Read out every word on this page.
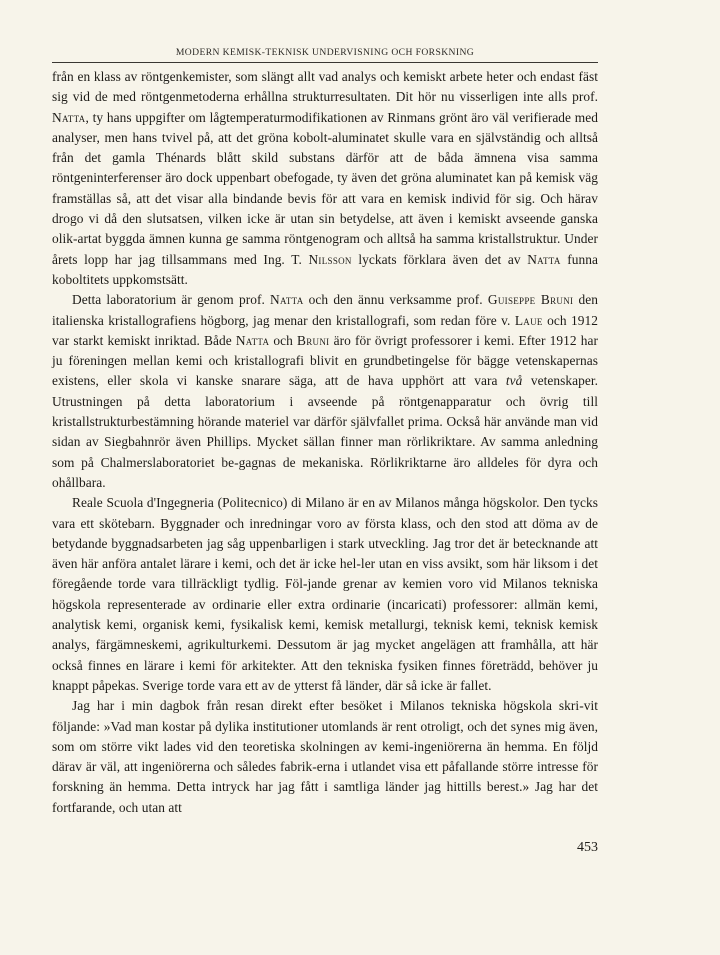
MODERN KEMISK-TEKNISK UNDERVISNING OCH FORSKNING

från en klass av röntgenkemister, som slängt allt vad analys och kemiskt arbete heter och endast fäst sig vid de med röntgenmetoderna erhållna strukturresultaten. Dit hör nu visserligen inte alls prof. Natta, ty hans uppgifter om lågtemperaturmodifikationen av Rinmans grönt äro väl verifierade med analyser, men hans tvivel på, att det gröna kobolt-aluminatet skulle vara en självständig och alltså från det gamla Thénards blått skild substans därför att de båda ämnena visa samma röntgeninterferenser äro dock uppenbart obefogade, ty även det gröna aluminatet kan på kemisk väg framställas så, att det visar alla bindande bevis för att vara en kemisk individ för sig. Och härav drogo vi då den slutsatsen, vilken icke är utan sin betydelse, att även i kemiskt avseende ganska olik-artat byggda ämnen kunna ge samma röntgenogram och alltså ha samma kristallstruktur. Under årets lopp har jag tillsammans med Ing. T. Nilsson lyckats förklara även det av Natta funna koboltitets uppkomstsätt.

Detta laboratorium är genom prof. Natta och den ännu verksamme prof. Guiseppe Bruni den italienska kristallografiens högborg, jag menar den kristallografi, som redan före v. Laue och 1912 var starkt kemiskt inriktad. Både Natta och Bruni äro för övrigt professorer i kemi. Efter 1912 har ju föreningen mellan kemi och kristallografi blivit en grundbetingelse för bägge vetenskapernas existens, eller skola vi kanske snarare säga, att de hava upphört att vara två vetenskaper. Utrustningen på detta laboratorium i avseende på röntgenapparatur och övrig till kristallstrukturbestämning hörande materiel var därför självfallet prima. Också här använde man vid sidan av Siegbahnrör även Phillips. Mycket sällan finner man rörlikriktare. Av samma anledning som på Chalmerslaboratoriet be-gagnas de mekaniska. Rörlikriktarne äro alldeles för dyra och ohållbara.

Reale Scuola d'Ingegneria (Politecnico) di Milano är en av Milanos många högskolor. Den tycks vara ett skötebarn. Byggnader och inredningar voro av första klass, och den stod att döma av de betydande byggnadsarbeten jag såg uppenbarligen i stark utveckling. Jag tror det är betecknande att även här anföra antalet lärare i kemi, och det är icke hel-ler utan en viss avsikt, som här liksom i det föregående torde vara tillräckligt tydlig. Föl-jande grenar av kemien voro vid Milanos tekniska högskola representerade av ordinarie eller extra ordinarie (incaricati) professorer: allmän kemi, analytisk kemi, organisk kemi, fysikalisk kemi, kemisk metallurgi, teknisk kemi, teknisk kemisk analys, färgämneskemi, agrikulturkemi. Dessutom är jag mycket angelägen att framhålla, att här också finnes en lärare i kemi för arkitekter. Att den tekniska fysiken finnes företrädd, behöver ju knappt påpekas. Sverige torde vara ett av de ytterst få länder, där så icke är fallet.

Jag har i min dagbok från resan direkt efter besöket i Milanos tekniska högskola skri-vit följande: »Vad man kostar på dylika institutioner utomlands är rent otroligt, och det synes mig även, som om större vikt lades vid den teoretiska skolningen av kemi-ingeniörerna än hemma. En följd därav är väl, att ingeniörerna och således fabrik-erna i utlandet visa ett påfallande större intresse för forskning än hemma. Detta intryck har jag fått i samtliga länder jag hittills berest.» Jag har det fortfarande, och utan att

453
